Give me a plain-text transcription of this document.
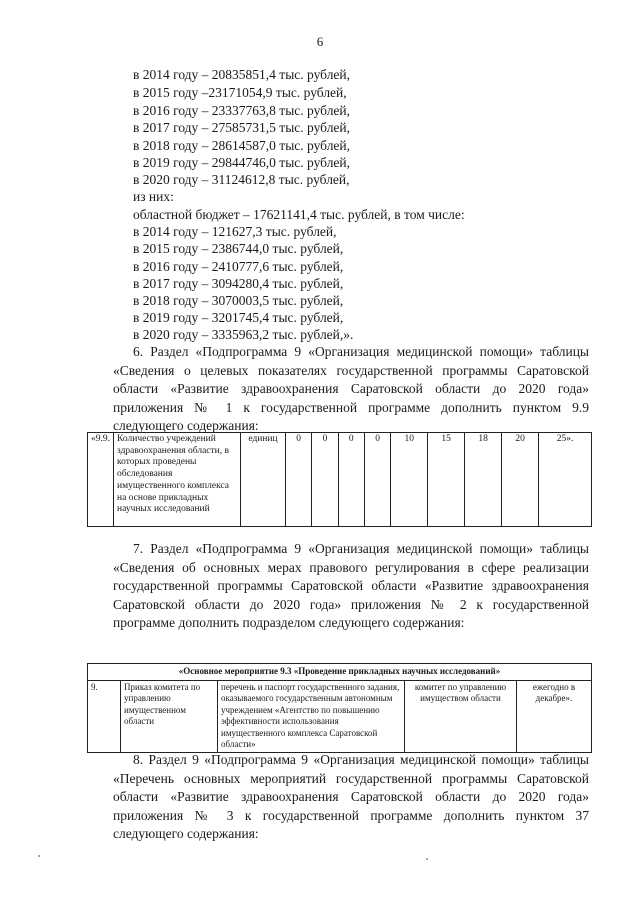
6
в 2014 году – 20835851,4 тыс. рублей,
в 2015 году –23171054,9 тыс. рублей,
в 2016 году – 23337763,8 тыс. рублей,
в 2017 году – 27585731,5 тыс. рублей,
в 2018 году – 28614587,0 тыс. рублей,
в 2019 году – 29844746,0 тыс. рублей,
в 2020 году – 31124612,8 тыс. рублей,
из них:
областной бюджет – 17621141,4 тыс. рублей, в том числе:
в 2014 году – 121627,3 тыс. рублей,
в 2015 году – 2386744,0 тыс. рублей,
в 2016 году – 2410777,6 тыс. рублей,
в 2017 году – 3094280,4 тыс. рублей,
в 2018 году – 3070003,5 тыс. рублей,
в 2019 году – 3201745,4 тыс. рублей,
в 2020 году – 3335963,2 тыс. рублей,».
6. Раздел «Подпрограмма 9 «Организация медицинской помощи» таблицы «Сведения о целевых показателях государственной программы Саратовской области «Развитие здравоохранения Саратовской области до 2020 года» приложения № 1 к государственной программе дополнить пунктом 9.9 следующего содержания:
«9.9.	Количество учреждений здравоохранения области, в которых проведены обследования имущественного комплекса на основе прикладных научных исследований	единиц	0	0	0	0	10	15	18	20	25».
7. Раздел «Подпрограмма 9 «Организация медицинской помощи» таблицы «Сведения об основных мерах правового регулирования в сфере реализации государственной программы Саратовской области «Развитие здравоохранения Саратовской области до 2020 года» приложения № 2 к государственной программе дополнить подразделом следующего содержания:
«Основное мероприятие 9.3 «Проведение прикладных научных исследований»
9.	Приказ комитета по управлению имущественном области	перечень и паспорт государственного задания, оказываемого государственным автономным учреждением «Агентство по повышению эффективности использования имущественного комплекса Саратовской области»	комитет по управлению имуществом области	ежегодно в декабре».
8. Раздел 9 «Подпрограмма 9 «Организация медицинской помощи» таблицы «Перечень основных мероприятий государственной программы Саратовской области «Развитие здравоохранения Саратовской области до 2020 года» приложения № 3 к государственной программе дополнить пунктом 37 следующего содержания:
